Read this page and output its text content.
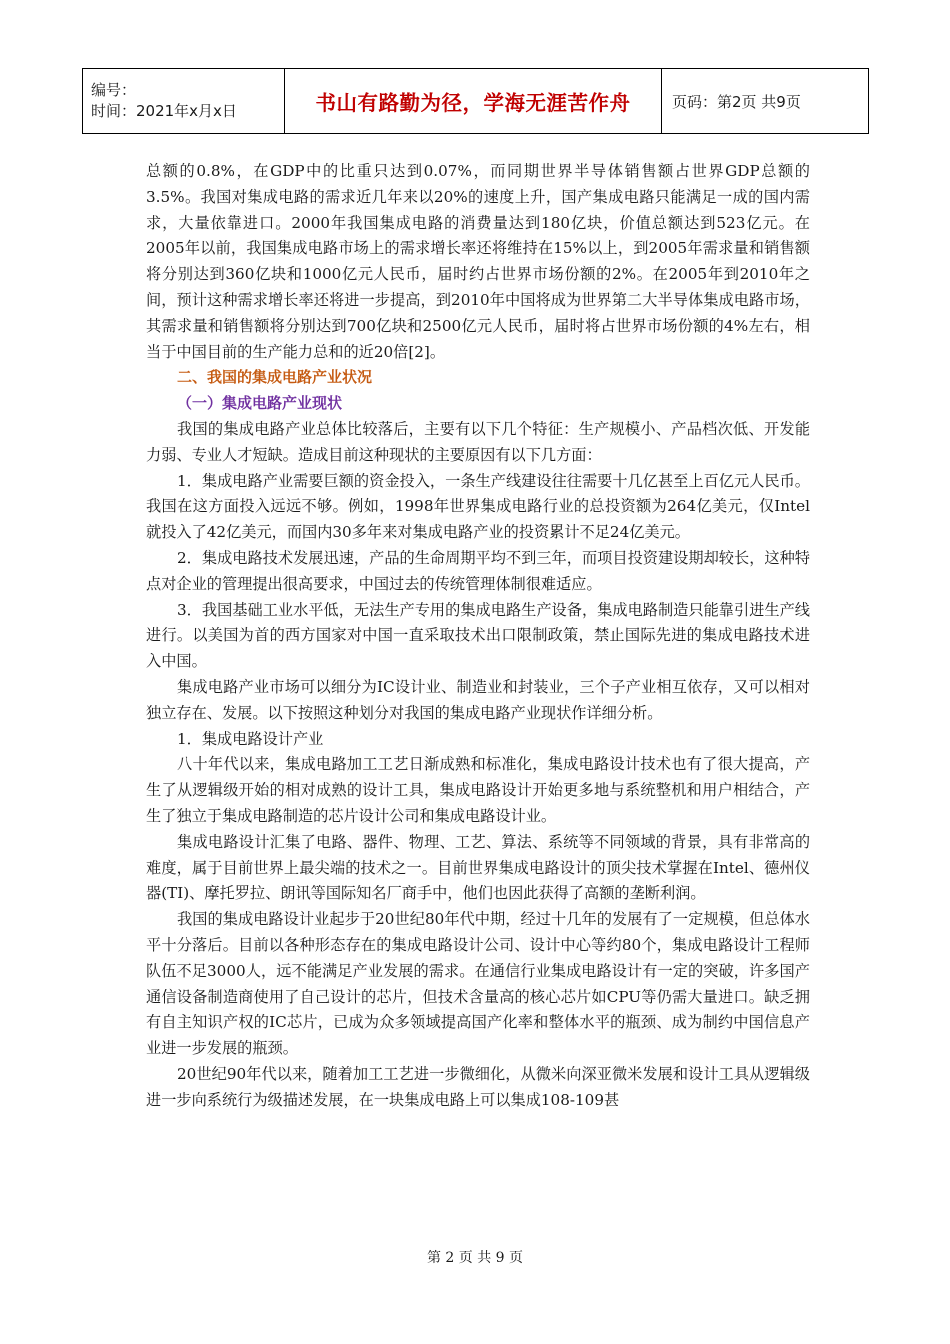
编号：
时间：2021年x月x日	书山有路勤为径，学海无涯苦作舟	页码：第2页 共9页

总额的0.8%，在GDP中的比重只达到0.07%，而同期世界半导体销售额占世界GDP总额的3.5%。我国对集成电路的需求近几年来以20%的速度上升，国产集成电路只能满足一成的国内需求，大量依靠进口。2000年我国集成电路的消费量达到180亿块，价值总额达到523亿元。在2005年以前，我国集成电路市场上的需求增长率还将维持在15%以上，到2005年需求量和销售额将分别达到360亿块和1000亿元人民币，届时约占世界市场份额的2%。在2005年到2010年之间，预计这种需求增长率还将进一步提高，到2010年中国将成为世界第二大半导体集成电路市场，其需求量和销售额将分别达到700亿块和2500亿元人民币，届时将占世界市场份额的4%左右，相当于中国目前的生产能力总和的近20倍[2]。

二、我国的集成电路产业状况

（一）集成电路产业现状

我国的集成电路产业总体比较落后，主要有以下几个特征：生产规模小、产品档次低、开发能力弱、专业人才短缺。造成目前这种现状的主要原因有以下几方面：

1．集成电路产业需要巨额的资金投入，一条生产线建设往往需要十几亿甚至上百亿元人民币。我国在这方面投入远远不够。例如，1998年世界集成电路行业的总投资额为264亿美元，仅Intel就投入了42亿美元，而国内30多年来对集成电路产业的投资累计不足24亿美元。

2．集成电路技术发展迅速，产品的生命周期平均不到三年，而项目投资建设期却较长，这种特点对企业的管理提出很高要求，中国过去的传统管理体制很难适应。

3．我国基础工业水平低，无法生产专用的集成电路生产设备，集成电路制造只能靠引进生产线进行。以美国为首的西方国家对中国一直采取技术出口限制政策，禁止国际先进的集成电路技术进入中国。

集成电路产业市场可以细分为IC设计业、制造业和封装业，三个子产业相互依存，又可以相对独立存在、发展。以下按照这种划分对我国的集成电路产业现状作详细分析。

1．集成电路设计产业

八十年代以来，集成电路加工工艺日渐成熟和标准化，集成电路设计技术也有了很大提高，产生了从逻辑级开始的相对成熟的设计工具，集成电路设计开始更多地与系统整机和用户相结合，产生了独立于集成电路制造的芯片设计公司和集成电路设计业。

集成电路设计汇集了电路、器件、物理、工艺、算法、系统等不同领域的背景，具有非常高的难度，属于目前世界上最尖端的技术之一。目前世界集成电路设计的顶尖技术掌握在Intel、德州仪器(TI)、摩托罗拉、朗讯等国际知名厂商手中，他们也因此获得了高额的垄断利润。

我国的集成电路设计业起步于20世纪80年代中期，经过十几年的发展有了一定规模，但总体水平十分落后。目前以各种形态存在的集成电路设计公司、设计中心等约80个，集成电路设计工程师队伍不足3000人，远不能满足产业发展的需求。在通信行业集成电路设计有一定的突破，许多国产通信设备制造商使用了自己设计的芯片，但技术含量高的核心芯片如CPU等仍需大量进口。缺乏拥有自主知识产权的IC芯片，已成为众多领域提高国产化率和整体水平的瓶颈、成为制约中国信息产业进一步发展的瓶颈。

20世纪90年代以来，随着加工工艺进一步微细化，从微米向深亚微米发展和设计工具从逻辑级进一步向系统行为级描述发展，在一块集成电路上可以集成108-109甚

第 2 页 共 9 页
